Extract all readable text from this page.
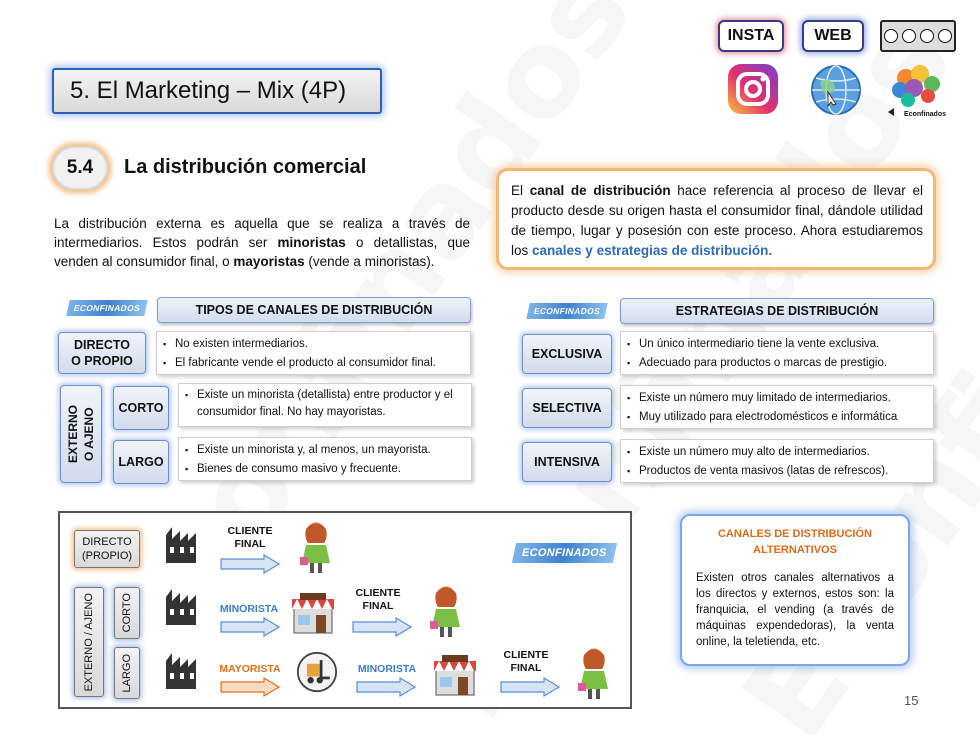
INSTA	WEB
Econfinados
5. El Marketing – Mix (4P)
5.4	La distribución comercial
La distribución externa es aquella que se realiza a través de intermediarios. Estos podrán ser minoristas o detallistas, que venden al consumidor final, o mayoristas (vende a minoristas).
El canal de distribución hace referencia al proceso de llevar el producto desde su origen hasta el consumidor final, dándole utilidad de tiempo, lugar y posesión con este proceso. Ahora estudiaremos los canales y estrategias de distribución.
ECONFINADOS	TIPOS DE CANALES DE DISTRIBUCIÓN
DIRECTO
O PROPIO
▪ No existen intermediarios.
▪ El fabricante vende el producto al consumidor final.
EXTERNO
O AJENO	CORTO
▪ Existe un minorista (detallista) entre productor y el consumidor final. No hay mayoristas.
LARGO
▪ Existe un minorista y, al menos, un mayorista.
▪ Bienes de consumo masivo y frecuente.
ECONFINADOS	ESTRATEGIAS DE DISTRIBUCIÓN
EXCLUSIVA
▪ Un único intermediario tiene la vente exclusiva.
▪ Adecuado para productos o marcas de prestigio.
SELECTIVA
▪ Existe un número muy limitado de intermediarios.
▪ Muy utilizado para electrodomésticos e informática
INTENSIVA
▪ Existe un número muy alto de intermediarios.
▪ Productos de venta masivos (latas de refrescos).
DIRECTO
(PROPIO)
EXTERNO / AJENO CORTO
LARGO
CLIENTE
FINAL
ECONFINADOS
MINORISTA
CLIENTE
FINAL
MAYORISTA	MINORISTA
CLIENTE
FINAL
CANALES DE DISTRIBUCIÓN
ALTERNATIVOS
Existen otros canales alternativos a los directos y externos, estos son: la franquicia, el vending (a través de máquinas expendedoras), la venta online, la teletienda, etc.
15
